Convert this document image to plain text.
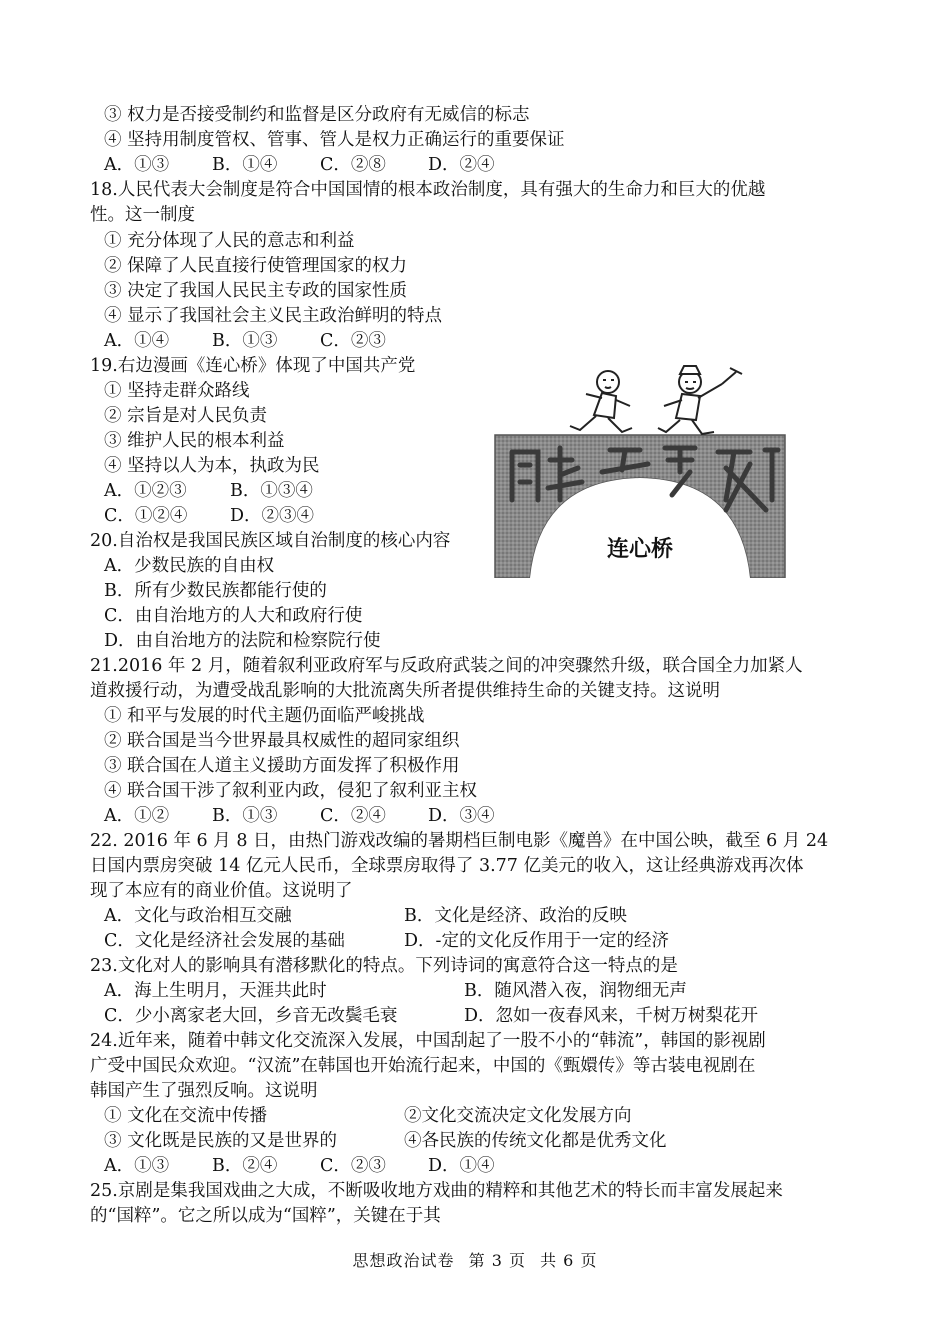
③ 权力是否接受制约和监督是区分政府有无威信的标志
④ 坚持用制度管权、管事、管人是权力正确运行的重要保证
A．①③ B．①④ C．②⑧ D．②④
18.人民代表大会制度是符合中国国情的根本政治制度，具有强大的生命力和巨大的优越
性。这一制度
① 充分体现了人民的意志和利益
② 保障了人民直接行使管理国家的权力
③ 决定了我国人民民主专政的国家性质
④ 显示了我国社会主义民主政治鲜明的特点
A．①④ B．①③ C．②③
19.右边漫画《连心桥》体现了中国共产党
① 坚持走群众路线
② 宗旨是对人民负责
③ 维护人民的根本利益
④ 坚持以人为本，执政为民
A．①②③ B．①③④
C．①②④ D．②③④
连心桥
20.自治权是我国民族区域自治制度的核心内容
A．少数民族的自由权
B．所有少数民族都能行使的
C．由自治地方的人大和政府行使
D．由自治地方的法院和检察院行使
21.2016 年 2 月，随着叙利亚政府军与反政府武装之间的冲突骤然升级，联合国全力加紧人
道救援行动，为遭受战乱影响的大批流离失所者提供维持生命的关键支持。这说明
① 和平与发展的时代主题仍面临严峻挑战
② 联合国是当今世界最具权威性的超同家组织
③ 联合国在人道主义援助方面发挥了积极作用
④ 联合国干涉了叙利亚内政，侵犯了叙利亚主权
A．①② B．①③ C．②④ D．③④
22. 2016 年 6 月 8 日，由热门游戏改编的暑期档巨制电影《魔兽》在中国公映，截至 6 月 24
日国内票房突破 14 亿元人民币，全球票房取得了 3.77 亿美元的收入，这让经典游戏再次体
现了本应有的商业价值。这说明了
A．文化与政治相互交融	B．文化是经济、政治的反映
C．文化是经济社会发展的基础	D．-定的文化反作用于一定的经济
23.文化对人的影响具有潜移默化的特点。下列诗词的寓意符合这一特点的是
A．海上生明月，天涯共此时	B．随风潜入夜，润物细无声
C．少小离家老大回，乡音无改鬓毛衰	D．忽如一夜春风来，千树万树梨花开
24.近年来，随着中韩文化交流深入发展，中国刮起了一股不小的“韩流”，韩国的影视剧
广受中国民众欢迎。“汉流”在韩国也开始流行起来，中国的《甄嬛传》等古装电视剧在
韩国产生了强烈反响。这说明
① 文化在交流中传播	②文化交流决定文化发展方向
③ 文化既是民族的又是世界的	④各民族的传统文化都是优秀文化
A．①③ B．②④ C．②③ D．①④
25.京剧是集我国戏曲之大成，不断吸收地方戏曲的精粹和其他艺术的特长而丰富发展起来
的“国粹”。它之所以成为“国粹”，关键在于其
思想政治试卷 第 3 页 共 6 页
